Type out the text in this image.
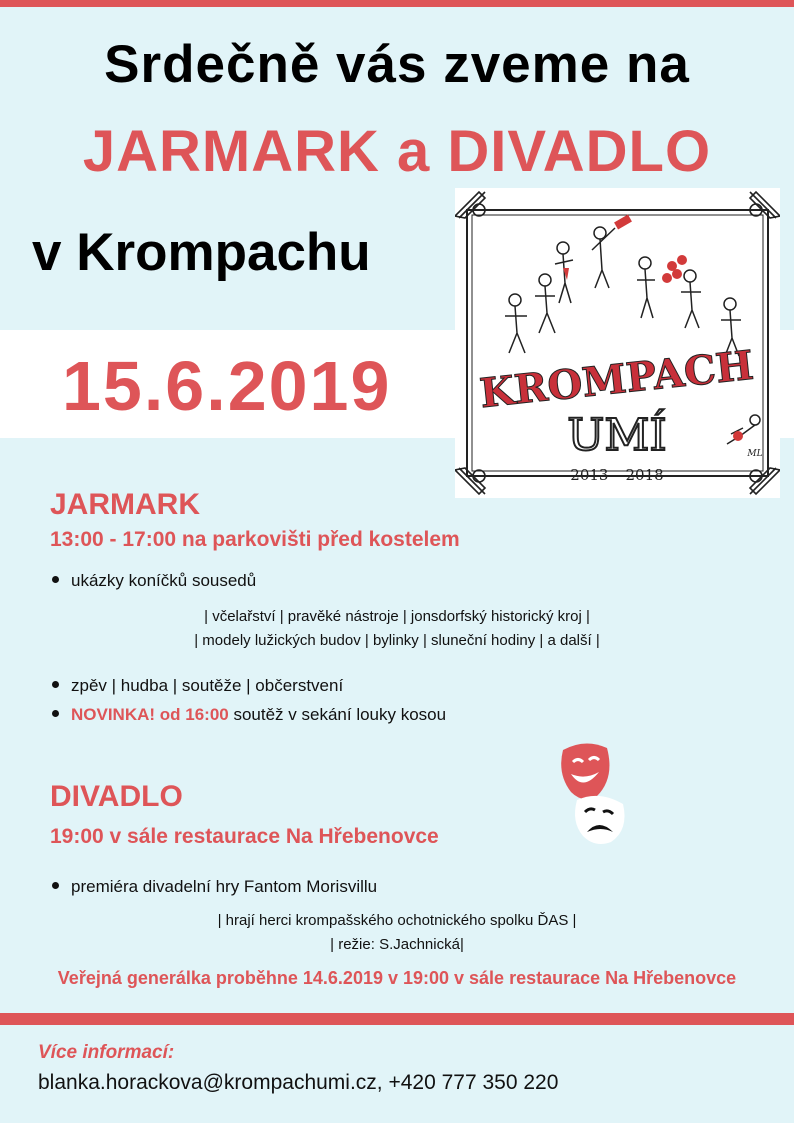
Srdečně vás zveme na
JARMARK a DIVADLO
v Krompachu
15.6.2019 KROMPACH
UMÍ
2013 – 2018
ML
JARMARK
13:00 - 17:00 na parkovišti před kostelem
ukázky koníčků sousedů
| včelařství | pravěké nástroje | jonsdorfský historický kroj |
| modely lužických budov | bylinky | sluneční hodiny | a další |
zpěv | hudba | soutěže | občerstvení
NOVINKA! od 16:00 soutěž v sekání louky kosou
DIVADLO
19:00 v sále restaurace Na Hřebenovce
premiéra divadelní hry Fantom Morisvillu
| hrají herci krompašského ochotnického spolku ĎAS |
| režie: S.Jachnická|
Veřejná generálka proběhne 14.6.2019 v 19:00 v sále restaurace Na Hřebenovce
Více informací:
blanka.horackova@krompachumi.cz, +420 777 350 220
